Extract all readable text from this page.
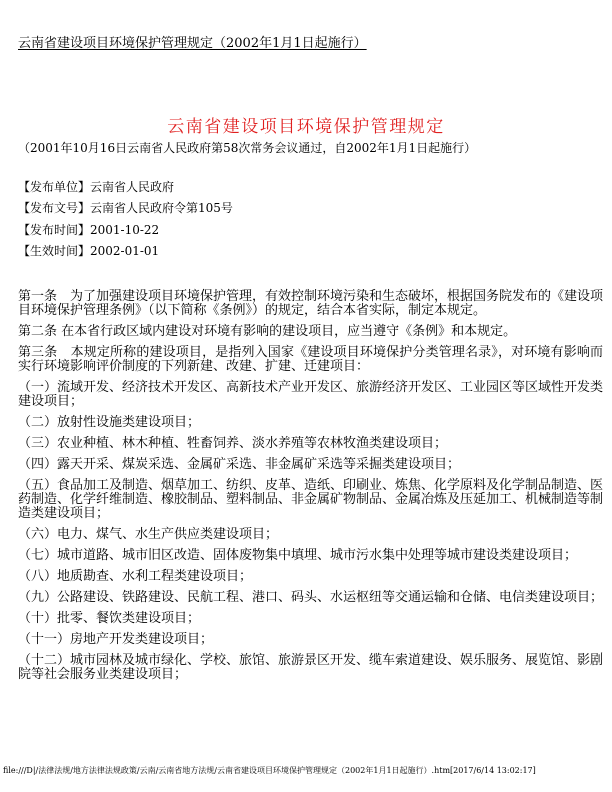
云南省建设项目环境保护管理规定（2002年1月1日起施行）
云南省建设项目环境保护管理规定
（2001年10月16日云南省人民政府第58次常务会议通过，自2002年1月1日起施行）
【发布单位】云南省人民政府
【发布文号】云南省人民政府令第105号
【发布时间】2001-10-22
【生效时间】2002-01-01

第一条　为了加强建设项目环境保护管理，有效控制环境污染和生态破坏，根据国务院发布的《建设项目环境保护管理条例》（以下简称《条例》）的规定，结合本省实际，制定本规定。

第二条 在本省行政区域内建设对环境有影响的建设项目，应当遵守《条例》和本规定。

第三条　本规定所称的建设项目，是指列入国家《建设项目环境保护分类管理名录》，对环境有影响而实行环境影响评价制度的下列新建、改建、扩建、迁建项目：

（一）流域开发、经济技术开发区、高新技术产业开发区、旅游经济开发区、工业园区等区域性开发类建设项目；

（二）放射性设施类建设项目；

（三）农业种植、林木种植、牲畜饲养、淡水养殖等农林牧渔类建设项目；

（四）露天开采、煤炭采选、金属矿采选、非金属矿采选等采掘类建设项目；

（五）食品加工及制造、烟草加工、纺织、皮革、造纸、印刷业、炼焦、化学原料及化学制品制造、医药制造、化学纤维制造、橡胶制品、塑料制品、非金属矿物制品、金属冶炼及压延加工、机械制造等制造类建设项目；

（六）电力、煤气、水生产供应类建设项目；

（七）城市道路、城市旧区改造、固体废物集中填埋、城市污水集中处理等城市建设类建设项目；

（八）地质勘查、水利工程类建设项目；

（九）公路建设、铁路建设、民航工程、港口、码头、水运枢纽等交通运输和仓储、电信类建设项目；

（十）批零、餐饮类建设项目；

（十一）房地产开发类建设项目；

（十二）城市园林及城市绿化、学校、旅馆、旅游景区开发、缆车索道建设、娱乐服务、展览馆、影剧院等社会服务业类建设项目；

file:///D|/法律法规/地方法律法规政策/云南/云南省地方法规/云南省建设项目环境保护管理规定（2002年1月1日起施行）.htm[2017/6/14 13:02:17]
